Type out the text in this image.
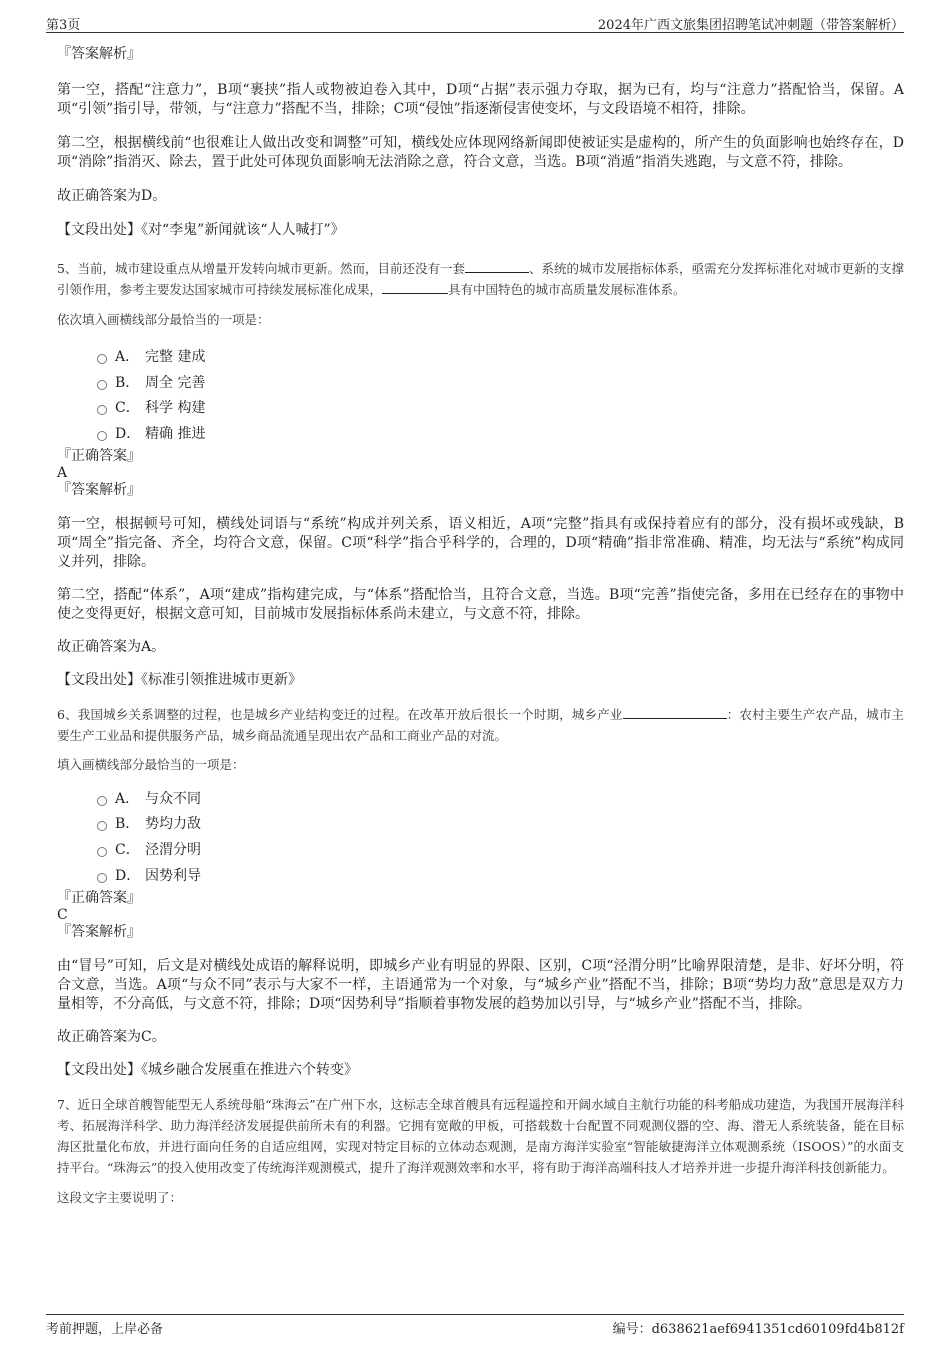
第3页	2024年广西文旅集团招聘笔试冲刺题（带答案解析）

『答案解析』

第一空，搭配“注意力”，B项“裹挟”指人或物被迫卷入其中，D项“占据”表示强力夺取，据为已有，均与“注意力”搭配恰当，保留。A项“引领”指引导，带领，与“注意力”搭配不当，排除；C项“侵蚀”指逐渐侵害使变坏，与文段语境不相符，排除。

第二空，根据横线前“也很难让人做出改变和调整”可知，横线处应体现网络新闻即使被证实是虚构的，所产生的负面影响也始终存在，D项“消除”指消灭、除去，置于此处可体现负面影响无法消除之意，符合文意，当选。B项“消遁”指消失逃跑，与文意不符，排除。

故正确答案为D。

【文段出处】《对“李鬼”新闻就该“人人喊打”》

5、当前，城市建设重点从增量开发转向城市更新。然而，目前还没有一套	、系统的城市发展指标体系，亟需充分发挥标准化对城市更新的支撑引领作用，参考主要发达国家城市可持续发展标准化成果，	具有中国特色的城市高质量发展标准体系。

依次填入画横线部分最恰当的一项是：

A． 完整 建成
B． 周全 完善
C． 科学 构建
D． 精确 推进

『正确答案』

A

『答案解析』

第一空，根据顿号可知，横线处词语与“系统”构成并列关系，语义相近，A项“完整”指具有或保持着应有的部分，没有损坏或残缺，B项“周全”指完备、齐全，均符合文意，保留。C项“科学”指合乎科学的，合理的，D项“精确”指非常准确、精准，均无法与“系统”构成同义并列，排除。

第二空，搭配“体系”，A项“建成”指构建完成，与“体系”搭配恰当，且符合文意，当选。B项“完善”指使完备，多用在已经存在的事物中使之变得更好，根据文意可知，目前城市发展指标体系尚未建立，与文意不符，排除。

故正确答案为A。

【文段出处】《标准引领推进城市更新》

6、我国城乡关系调整的过程，也是城乡产业结构变迁的过程。在改革开放后很长一个时期，城乡产业	：农村主要生产农产品，城市主要生产工业品和提供服务产品，城乡商品流通呈现出农产品和工商业产品的对流。

填入画横线部分最恰当的一项是：

A． 与众不同
B． 势均力敌
C． 泾渭分明
D． 因势利导

『正确答案』

C

『答案解析』

由“冒号”可知，后文是对横线处成语的解释说明，即城乡产业有明显的界限、区别，C项“泾渭分明”比喻界限清楚，是非、好坏分明，符合文意，当选。A项“与众不同”表示与大家不一样，主语通常为一个对象，与“城乡产业”搭配不当，排除；B项“势均力敌”意思是双方力量相等，不分高低，与文意不符，排除；D项“因势利导”指顺着事物发展的趋势加以引导，与“城乡产业”搭配不当，排除。

故正确答案为C。

【文段出处】《城乡融合发展重在推进六个转变》

7、近日全球首艘智能型无人系统母船“珠海云”在广州下水，这标志全球首艘具有远程遥控和开阔水域自主航行功能的科考船成功建造，为我国开展海洋科考、拓展海洋科学、助力海洋经济发展提供前所未有的利器。它拥有宽敞的甲板，可搭载数十台配置不同观测仪器的空、海、潜无人系统装备，能在目标海区批量化布放，并进行面向任务的自适应组网，实现对特定目标的立体动态观测，是南方海洋实验室“智能敏捷海洋立体观测系统（ISOOS）”的水面支持平台。“珠海云”的投入使用改变了传统海洋观测模式，提升了海洋观测效率和水平，将有助于海洋高端科技人才培养并进一步提升海洋科技创新能力。

这段文字主要说明了：

考前押题，上岸必备	编号：d638621aef6941351cd60109fd4b812f
